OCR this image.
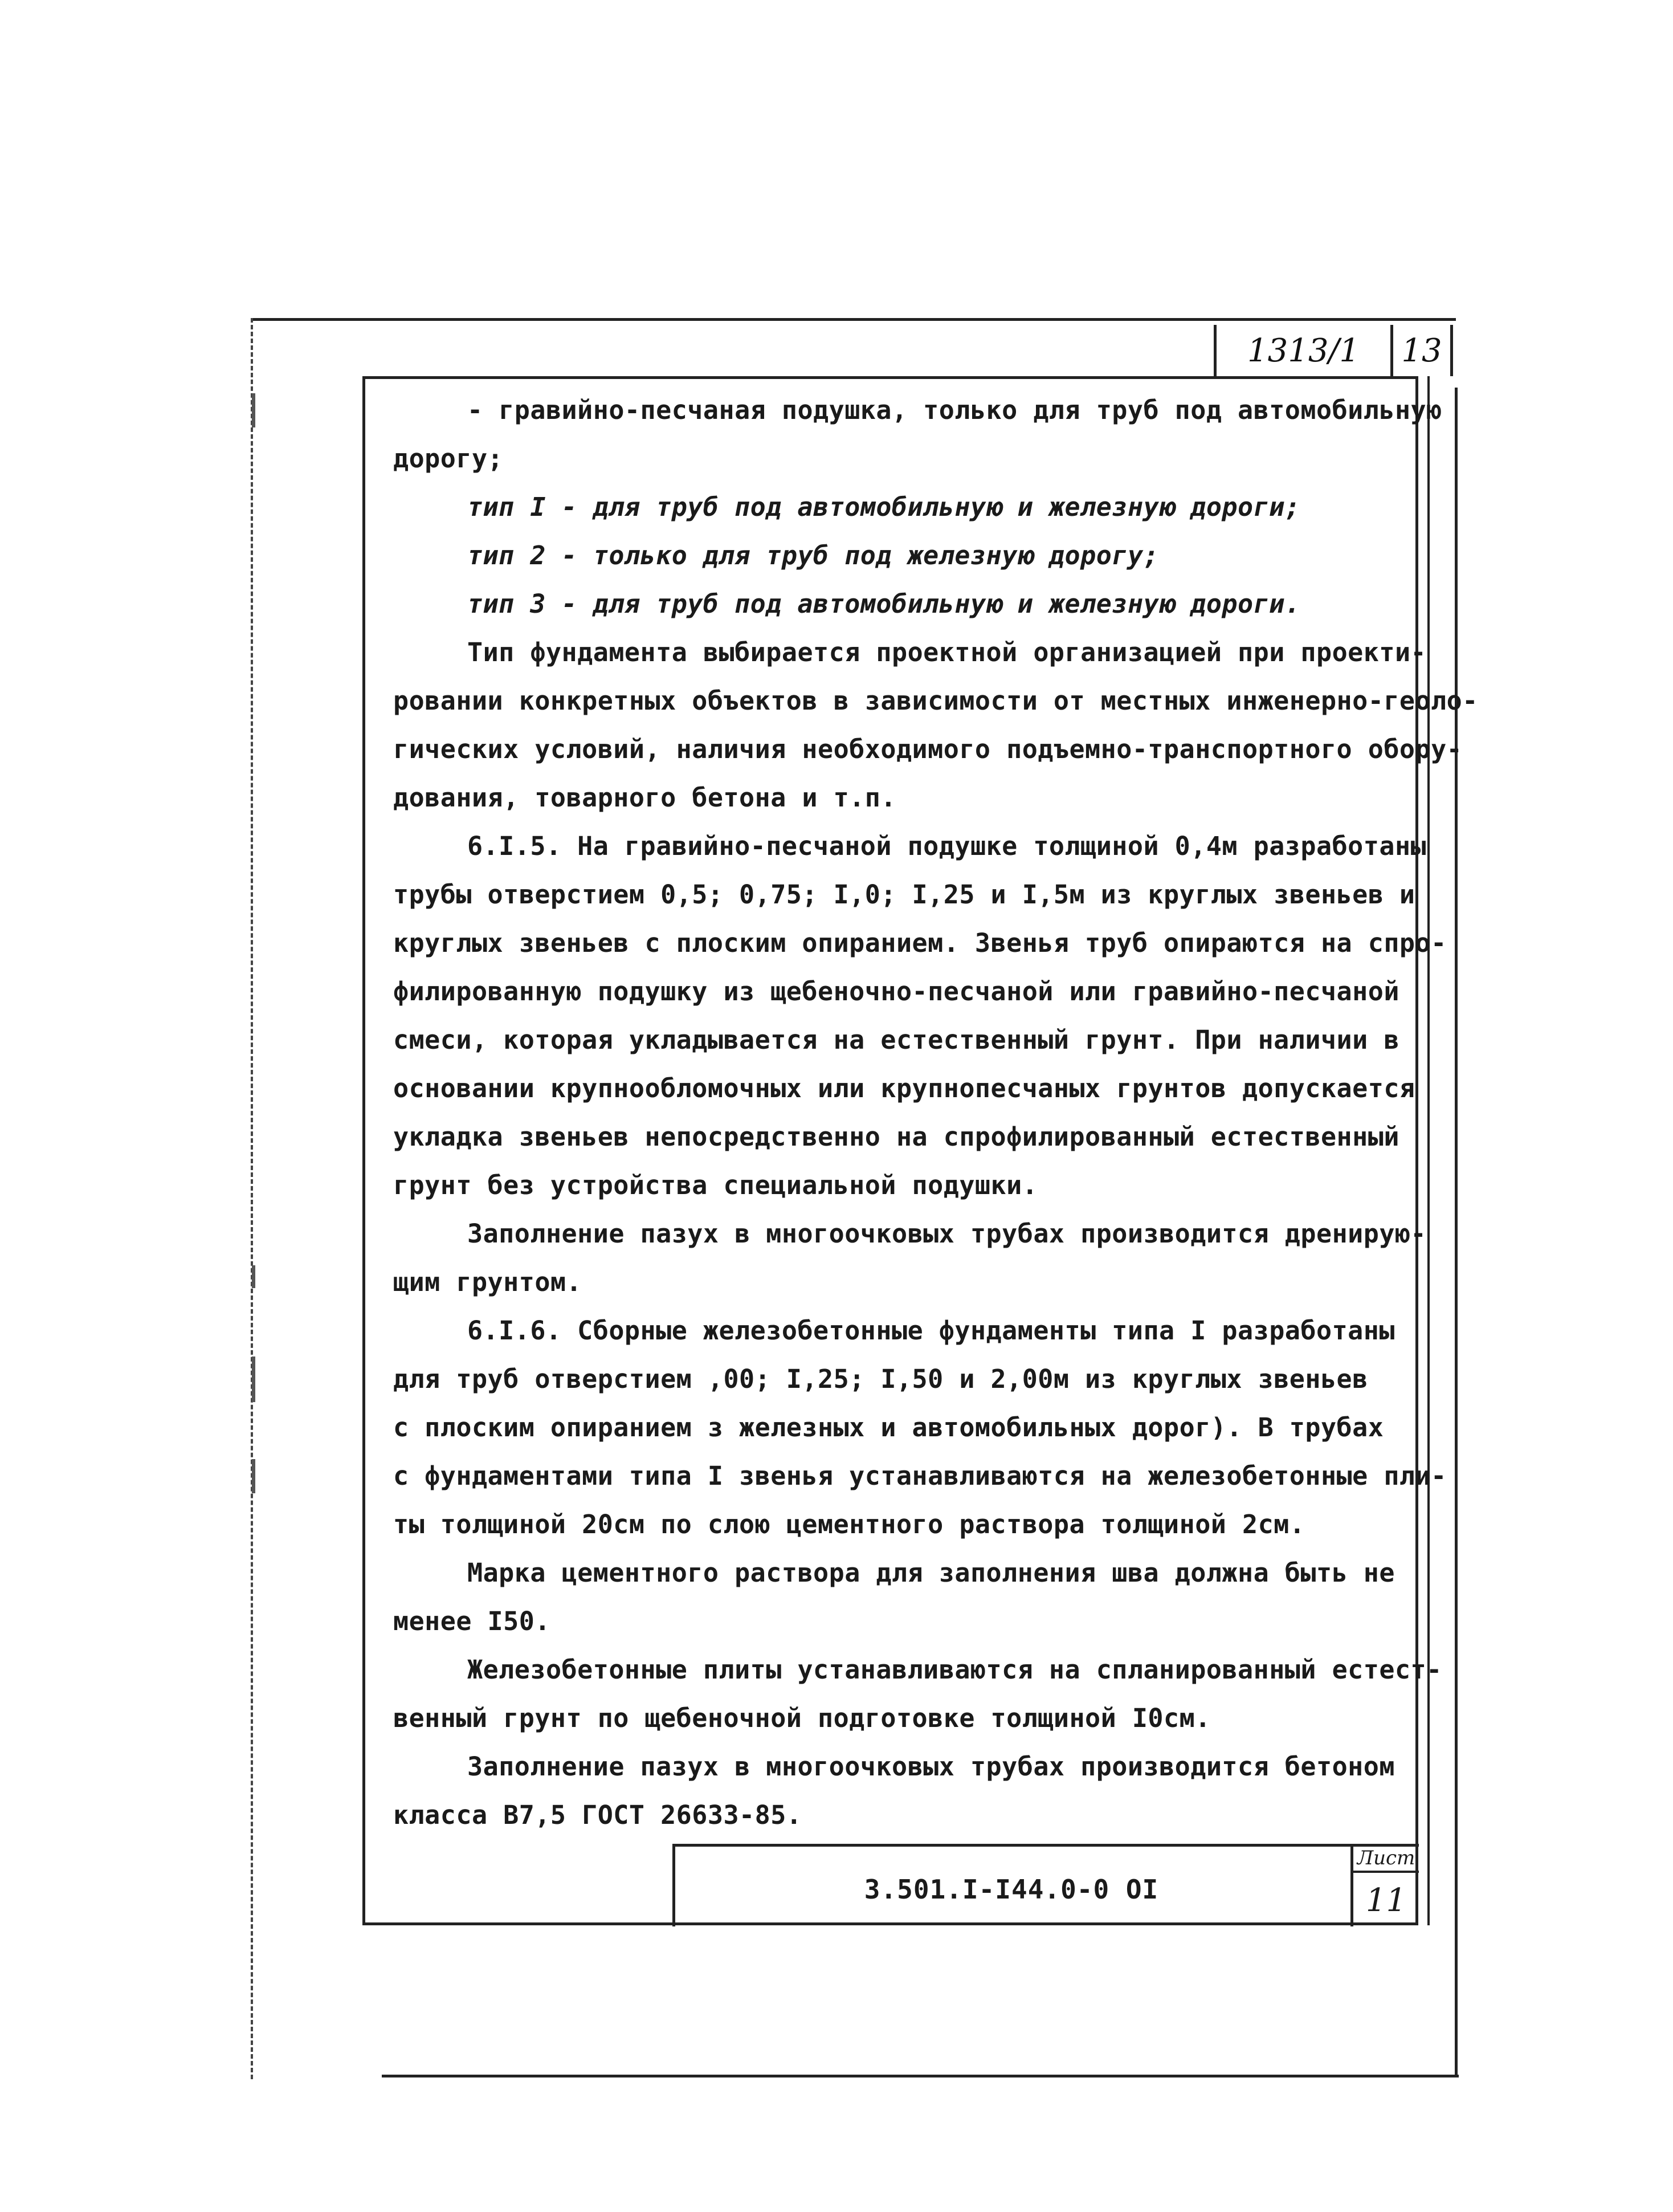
1313/1	13
- гравийно-песчаная подушка, только для труб под автомобильную
дорогу;
тип I - для труб под автомобильную и железную дороги;
тип 2 - только для труб под железную дорогу;
тип 3 - для труб под автомобильную и железную дороги.
Тип фундамента выбирается проектной организацией при проекти-
ровании конкретных объектов в зависимости от местных инженерно-геоло-
гических условий, наличия необходимого подъемно-транспортного обору-
дования, товарного бетона и т.п.
6.I.5. На гравийно-песчаной подушке толщиной 0,4м разработаны
трубы отверстием 0,5; 0,75; I,0; I,25 и I,5м из круглых звеньев и
круглых звеньев с плоским опиранием. Звенья труб опираются на спро-
филированную подушку из щебеночно-песчаной или гравийно-песчаной
смеси, которая укладывается на естественный грунт. При наличии в
основании крупнообломочных или крупнопесчаных грунтов допускается
укладка звеньев непосредственно на спрофилированный естественный
грунт без устройства специальной подушки.
Заполнение пазух в многоочковых трубах производится дренирую-
щим грунтом.
6.I.6. Сборные железобетонные фундаменты типа I разработаны
для труб отверстием ,00; I,25; I,50 и 2,00м из круглых звеньев
с плоским опиранием з железных и автомобильных дорог). В трубах
с фундаментами типа I звенья устанавливаются на железобетонные пли-
ты толщиной 20см по слою цементного раствора толщиной 2см.
Марка цементного раствора для заполнения шва должна быть не
менее I50.
Железобетонные плиты устанавливаются на спланированный естест-
венный грунт по щебеночной подготовке толщиной I0см.
Заполнение пазух в многоочковых трубах производится бетоном
класса В7,5 ГОСТ 26633-85.
3.501.I-I44.0-0 ОI
Лист
11
